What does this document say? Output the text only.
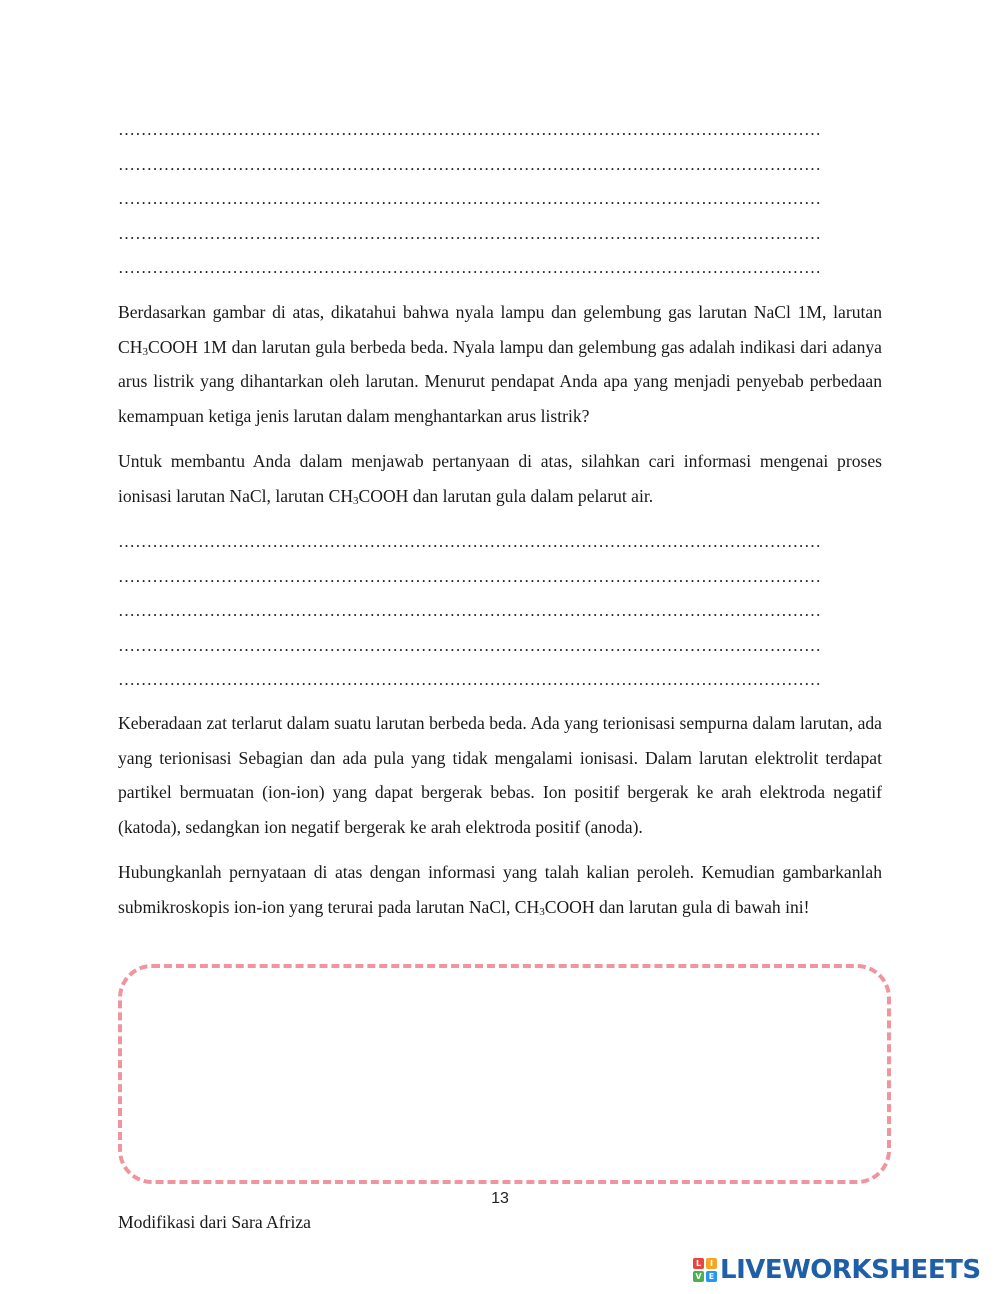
……………………………………………………………………………………………………………
……………………………………………………………………………………………………………
……………………………………………………………………………………………………………
……………………………………………………………………………………………………………
……………………………………………………………………………………………………………

Berdasarkan gambar di atas, dikatahui bahwa nyala lampu dan gelembung gas larutan NaCl 1M, larutan $CH_3COOH$ 1M dan larutan gula berbeda beda. Nyala lampu dan gelembung gas adalah indikasi dari adanya arus listrik yang dihantarkan oleh larutan. Menurut pendapat Anda apa yang menjadi penyebab perbedaan kemampuan ketiga jenis larutan dalam menghantarkan arus listrik?

Untuk membantu Anda dalam menjawab pertanyaan di atas, silahkan cari informasi mengenai proses ionisasi larutan NaCl, larutan $CH_3COOH$ dan larutan gula dalam pelarut air.

……………………………………………………………………………………………………………
……………………………………………………………………………………………………………
……………………………………………………………………………………………………………
……………………………………………………………………………………………………………
……………………………………………………………………………………………………………

Keberadaan zat terlarut dalam suatu larutan berbeda beda. Ada yang terionisasi sempurna dalam larutan, ada yang terionisasi Sebagian dan ada pula yang tidak mengalami ionisasi. Dalam larutan elektrolit terdapat partikel bermuatan (ion-ion) yang dapat bergerak bebas. Ion positif bergerak ke arah elektroda negatif (katoda), sedangkan ion negatif bergerak ke arah elektroda positif (anoda).

Hubungkanlah pernyataan di atas dengan informasi yang talah kalian peroleh. Kemudian gambarkanlah submikroskopis ion-ion yang terurai pada larutan NaCl, $CH_3COOH$ dan larutan gula di bawah ini!

13
Modifikasi dari Sara Afriza
L	I
V E LIVEWORKSHEETS
